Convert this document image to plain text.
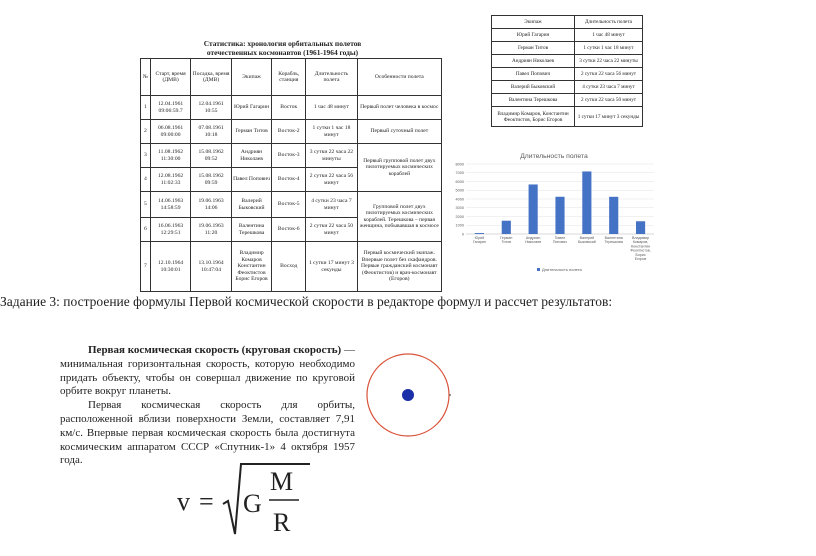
Статистика: хронология орбитальных полетов
отечественных космонавтов (1961-1964 годы)
№	Старт, время (ДМВ)	Посадка, время (ДМВ)	Экипаж	Корабль, станция	Длительность полета	Особенности полета
1	12.04.1961 09:06:59.7	12.04.1961 10:55	Юрий Гагарин	Восток	1 час 48 минут	Первый полет человека в космос
2	06.08.1961 09:00:00	07.08.1961 10:18	Герман Титов	Восток-2	1 сутки 1 час 18 минут	Первый суточный полет
3	11.08.1962 11:30:00	15.08.1962 09:52	Андриян Николаев	Восток-3	3 сутки 22 часа 22 минуты	Первый групповой полет двух пилотируемых космических кораблей
4	12.08.1962 11:02:33	15.08.1962 09:59	Павел Попович	Восток-4	2 сутки 22 часа 56 минут	
5	14.06.1963 14:58:59	19.06.1963 14:06	Валерий Быковский	Восток-5	4 сутки 23 часа 7 минут	Групповой полет двух пилотируемых космических кораблей. Терешкова – первая женщина, побывавшая в космосе
6	16.06.1963 12:29:51	19.06.1963 11:20	Валентина Терешкова	Восток-6	2 сутки 22 часа 50 минут	
7	12.10.1964 10:30:01	13.10.1964 10:47:04	Владимир Комаров Константин Феоктистов Борис Егоров	Восход	1 сутки 17 минут 3 секунды	Первый космический экипаж. Впервые полет без скафандров. Первые гражданский космонавт (Феоктистов) и врач-космонавт (Егоров)
Экипаж	Длительность полета
Юрий Гагарин	1 час 48 минут
Герман Титов	1 сутки 1 час 18 минут
Андриян Николаев	3 сутки 22 часа 22 минуты
Павел Попович	2 сутки 22 часа 56 минут
Валерий Быковский	4 сутки 23 часа 7 минут
Валентина Терешкова	2 сутки 22 часа 50 минут
Владимир Комаров, Константин Феоктистов, Борис Егоров	1 сутки 17 минут 3 секунды
Длительность полета
0
1000
2000
3000
4000
5000
6000
7000
8000
Юрий Гагарин
Герман Титов
Андриян Николаев
Павел Попович
Валерий Быковский
Валентина Терешкова
Владимир Комаров, Константин Феоктистов, Борис Егоров
Длительность полета
Задание 3: построение формулы Первой космической скорости в редакторе формул и рассчет результатов:

Первая космическая скорость (круговая скорость) — минимальная горизонтальная скорость, которую необходимо придать объекту, чтобы он совершал движение по круговой орбите вокруг планеты.

Первая космическая скорость для орбиты, расположенной вблизи поверхности Земли, составляет 7,91 км/с. Впервые первая космическая скорость была достигнута космическим аппаратом СССР «Спутник-1» 4 октября 1957 года.

v = G
M
R
